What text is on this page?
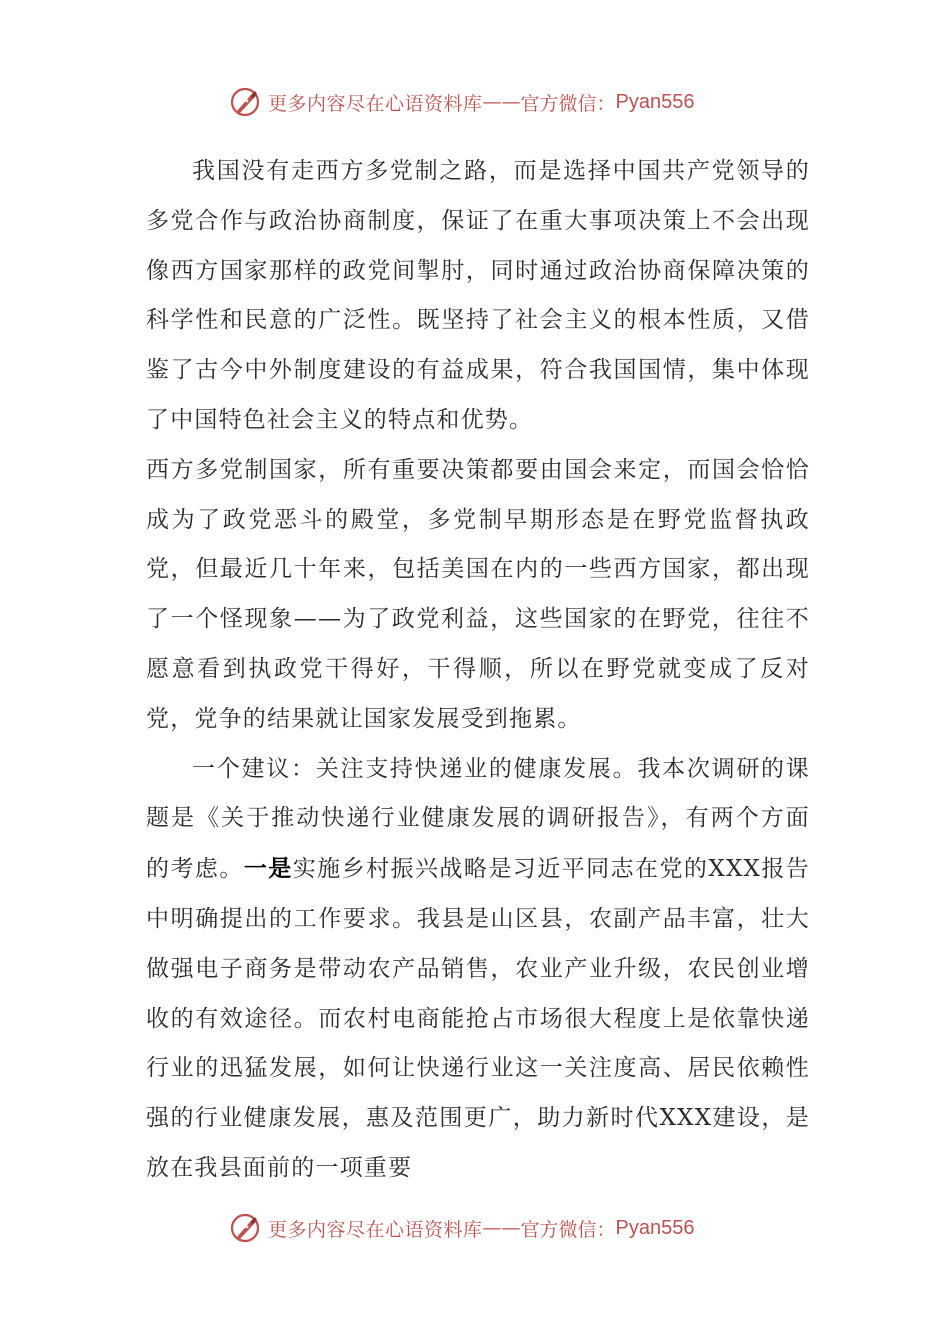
更多内容尽在心语资料库 —— 官方微信： Pyan556

我国没有走西方多党制之路，而是选择中国共产党领导的多党合作与政治协商制度，保证了在重大事项决策上不会出现像西方国家那样的政党间掣肘，同时通过政治协商保障决策的科学性和民意的广泛性。既坚持了社会主义的根本性质，又借鉴了古今中外制度建设的有益成果，符合我国国情，集中体现了中国特色社会主义的特点和优势。

西方多党制国家，所有重要决策都要由国会来定，而国会恰恰成为了政党恶斗的殿堂，多党制早期形态是在野党监督执政党，但最近几十年来，包括美国在内的一些西方国家，都出现了一个怪现象——为了政党利益，这些国家的在野党，往往不愿意看到执政党干得好，干得顺，所以在野党就变成了反对党，党争的结果就让国家发展受到拖累。

一个建议：关注支持快递业的健康发展。我本次调研的课题是《关于推动快递行业健康发展的调研报告》，有两个方面的考虑。一是实施乡村振兴战略是习近平同志在党的XXX报告中明确提出的工作要求。我县是山区县，农副产品丰富，壮大做强电子商务是带动农产品销售，农业产业升级，农民创业增收的有效途径。而农村电商能抢占市场很大程度上是依靠快递行业的迅猛发展，如何让快递行业这一关注度高、居民依赖性强的行业健康发展，惠及范围更广，助力新时代XXX建设，是放在我县面前的一项重要

更多内容尽在心语资料库 —— 官方微信： Pyan556
